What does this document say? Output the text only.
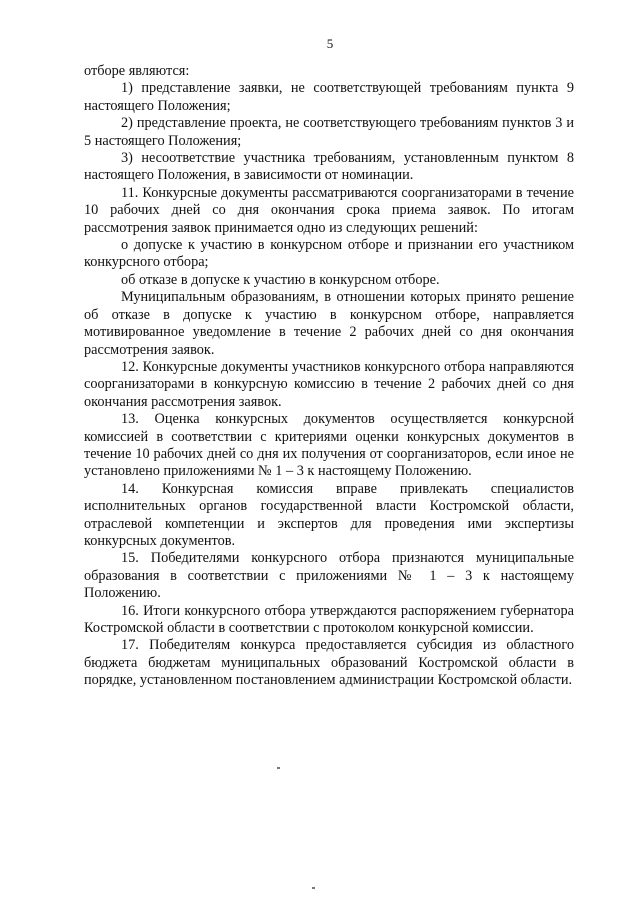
5

отборе являются:

1) представление заявки, не соответствующей требованиям пункта 9 настоящего Положения;

2) представление проекта, не соответствующего требованиям пунктов 3 и 5 настоящего Положения;

3) несоответствие участника требованиям, установленным пунктом 8 настоящего Положения, в зависимости от номинации.

11. Конкурсные документы рассматриваются соорганизаторами в течение 10 рабочих дней со дня окончания срока приема заявок. По итогам рассмотрения заявок принимается одно из следующих решений:

о допуске к участию в конкурсном отборе и признании его участником конкурсного отбора;

об отказе в допуске к участию в конкурсном отборе.

Муниципальным образованиям, в отношении которых принято решение об отказе в допуске к участию в конкурсном отборе, направляется мотивированное уведомление в течение 2 рабочих дней со дня окончания рассмотрения заявок.

12. Конкурсные документы участников конкурсного отбора направляются соорганизаторами в конкурсную комиссию в течение 2 рабочих дней со дня окончания рассмотрения заявок.

13. Оценка конкурсных документов осуществляется конкурсной комиссией в соответствии с критериями оценки конкурсных документов в течение 10 рабочих дней со дня их получения от соорганизаторов, если иное не установлено приложениями № 1 – 3 к настоящему Положению.

14. Конкурсная комиссия вправе привлекать специалистов исполнительных органов государственной власти Костромской области, отраслевой компетенции и экспертов для проведения ими экспертизы конкурсных документов.

15. Победителями конкурсного отбора признаются муниципальные образования в соответствии с приложениями № 1 – 3 к настоящему Положению.

16. Итоги конкурсного отбора утверждаются распоряжением губернатора Костромской области в соответствии с протоколом конкурсной комиссии.

17. Победителям конкурса предоставляется субсидия из областного бюджета бюджетам муниципальных образований Костромской области в порядке, установленном постановлением администрации Костромской области.
